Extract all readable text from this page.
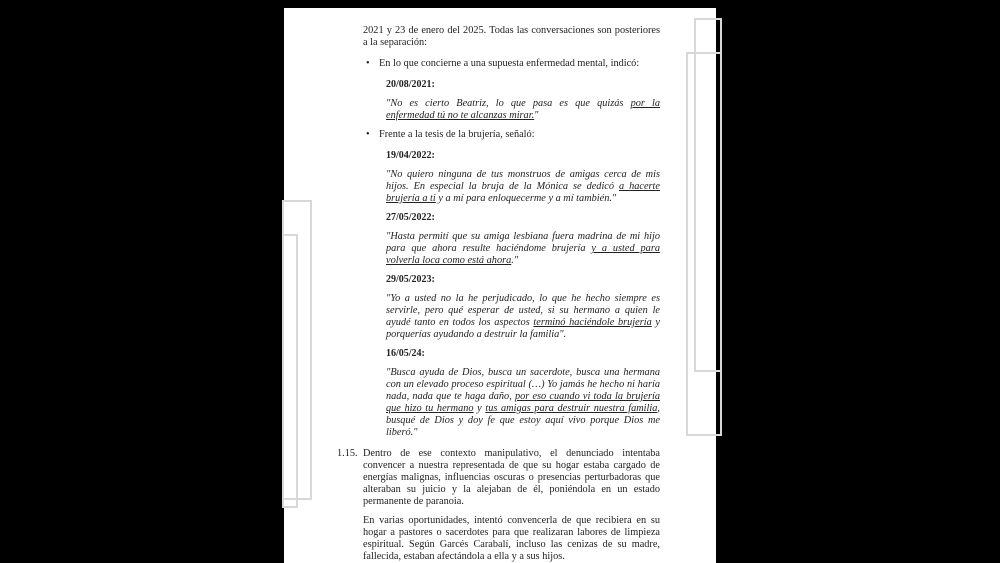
2021 y 23 de enero del 2025. Todas las conversaciones son posteriores a la separación:

• En lo que concierne a una supuesta enfermedad mental, indicó:

20/08/2021:

"No es cierto Beatriz, lo que pasa es que quizás por la enfermedad tú no te alcanzas mirar."

• Frente a la tesis de la brujería, señaló:

19/04/2022:

"No quiero ninguna de tus monstruos de amigas cerca de mis hijos. En especial la bruja de la Mónica se dedicó a hacerte brujería a ti y a mí para enloquecerme y a mí también."

27/05/2022:

"Hasta permití que su amiga lesbiana fuera madrina de mi hijo para que ahora resulte haciéndome brujería y a usted para volverla loca como está ahora."

29/05/2023:

"Yo a usted no la he perjudicado, lo que he hecho siempre es servirle, pero qué esperar de usted, si su hermano a quien le ayudé tanto en todos los aspectos terminó haciéndole brujería y porquerías ayudando a destruir la familia".

16/05/24:

"Busca ayuda de Dios, busca un sacerdote, busca una hermana con un elevado proceso espiritual (…) Yo jamás he hecho ni haría nada, nada que te haga daño, por eso cuando vi toda la brujería que hizo tu hermano y tus amigas para destruir nuestra familia, busqué de Dios y doy fe que estoy aquí vivo porque Dios me liberó."

1.15. Dentro de ese contexto manipulativo, el denunciado intentaba convencer a nuestra representada de que su hogar estaba cargado de energías malignas, influencias oscuras o presencias perturbadoras que alteraban su juicio y la alejaban de él, poniéndola en un estado permanente de paranoia.

En varias oportunidades, intentó convencerla de que recibiera en su hogar a pastores o sacerdotes para que realizaran labores de limpieza espiritual. Según Garcés Carabalí, incluso las cenizas de su madre, fallecida, estaban afectándola a ella y a sus hijos.
